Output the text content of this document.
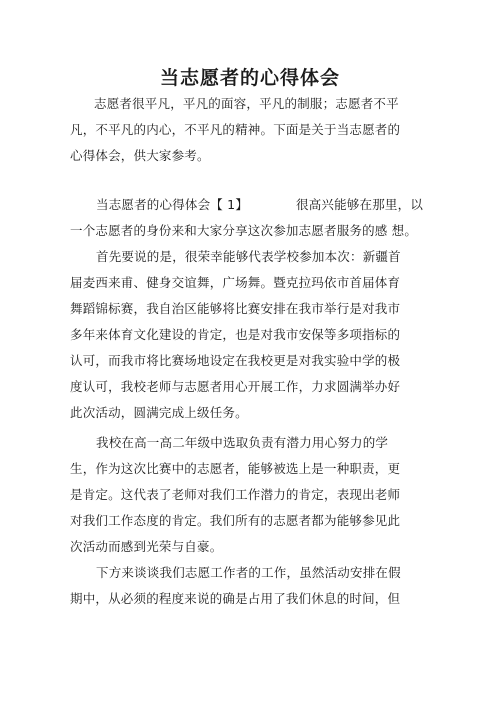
当志愿者的心得体会
志愿者很平凡，平凡的面容，平凡的制服；志愿者不平
凡，不平凡的内心，不平凡的精神。下面是关于当志愿者的
心得体会，供大家参考。
当志愿者的心得体会【 1】	很高兴能够在那里，以
一个志愿者的身份来和大家分享这次参加志愿者服务的感 想。
首先要说的是，很荣幸能够代表学校参加本次：新疆首
届麦西来甫、健身交谊舞，广场舞。暨克拉玛依市首届体育
舞蹈锦标赛，我自治区能够将比赛安排在我市举行是对我市
多年来体育文化建设的肯定，也是对我市安保等多项指标的
认可，而我市将比赛场地设定在我校更是对我实验中学的极
度认可，我校老师与志愿者用心开展工作，力求圆满举办好
此次活动，圆满完成上级任务。
我校在高一高二年级中选取负责有潜力用心努力的学
生，作为这次比赛中的志愿者，能够被选上是一种职责，更
是肯定。这代表了老师对我们工作潜力的肯定，表现出老师
对我们工作态度的肯定。我们所有的志愿者都为能够参见此
次活动而感到光荣与自豪。
下方来谈谈我们志愿工作者的工作，虽然活动安排在假
期中，从必须的程度来说的确是占用了我们休息的时间，但
